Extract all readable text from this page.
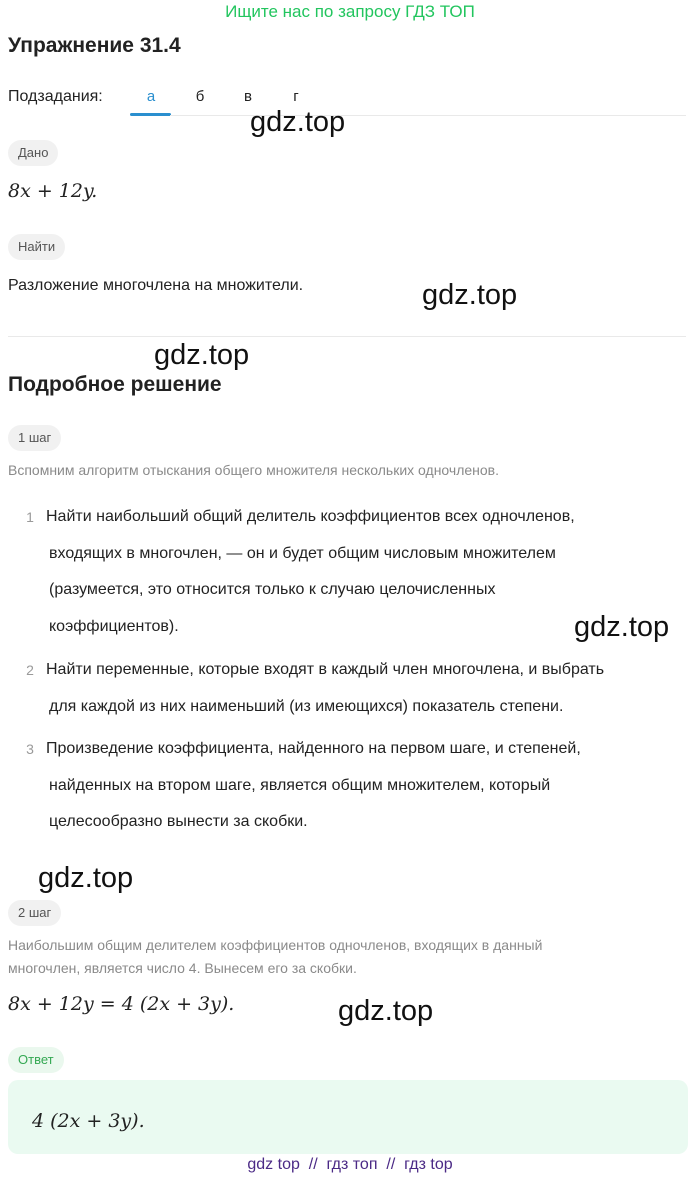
Ищите нас по запросу ГДЗ ТОП
Упражнение 31.4
Подзадания:	а	б	в	г
Дано
8x + 12y.
Найти
Разложение многочлена на множители.
Подробное решение
1 шаг
Вспомним алгоритм отыскания общего множителя нескольких одночленов.
1 Найти наибольший общий делитель коэффициентов всех одночленов,
входящих в многочлен, — он и будет общим числовым множителем
(разумеется, это относится только к случаю целочисленных
коэффициентов).
2 Найти переменные, которые входят в каждый член многочлена, и выбрать
для каждой из них наименьший (из имеющихся) показатель степени.
3 Произведение коэффициента, найденного на первом шаге, и степеней,
найденных на втором шаге, является общим множителем, который
целесообразно вынести за скобки.
2 шаг
Наибольшим общим делителем коэффициентов одночленов, входящих в данный
многочлен, является число 4. Вынесем его за скобки.
8x + 12y = 4 (2x + 3y).
Ответ
4 (2x + 3y).
gdz.top
gdz.top
gdz.top
gdz.top
gdz.top
gdz.top
gdz top  //  гдз топ  //  гдз top
